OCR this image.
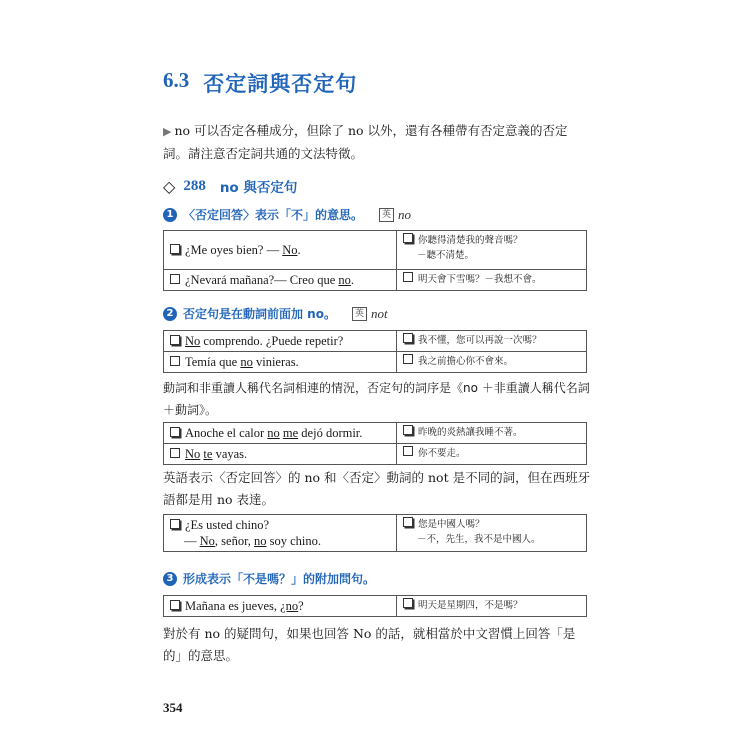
6.3 否定詞與否定句
▶ no 可以否定各種成分，但除了 no 以外，還有各種帶有否定意義的否定詞。請注意否定詞共通的文法特徵。
◇ 288 no 與否定句
1 〈否定回答〉表示「不」的意思。	英 no
¿Me oyes bien? — No.	你聽得清楚我的聲音嗎？
－聽不清楚。
¿Nevará mañana?— Creo que no.	明天會下雪嗎？－我想不會。
2 否定句是在動詞前面加 no。	英 not
No comprendo. ¿Puede repetir?	我不懂，您可以再說一次嗎？
Temía que no vinieras.	我之前擔心你不會來。
動詞和非重讀人稱代名詞相連的情況，否定句的詞序是《no ＋非重讀人稱代名詞＋動詞》。
Anoche el calor no me dejó dormir.	昨晚的炎熱讓我睡不著。
No te vayas.	你不要走。
英語表示〈否定回答〉的 no 和〈否定〉動詞的 not 是不同的詞，但在西班牙語都是用 no 表達。
¿Es usted chino?
— No, señor, no soy chino.	您是中國人嗎？
－不，先生，我不是中國人。
3 形成表示「不是嗎？」的附加問句。
Mañana es jueves, ¿no?	明天是星期四，不是嗎？
對於有 no 的疑問句，如果也回答 No 的話，就相當於中文習慣上回答「是的」的意思。
354
